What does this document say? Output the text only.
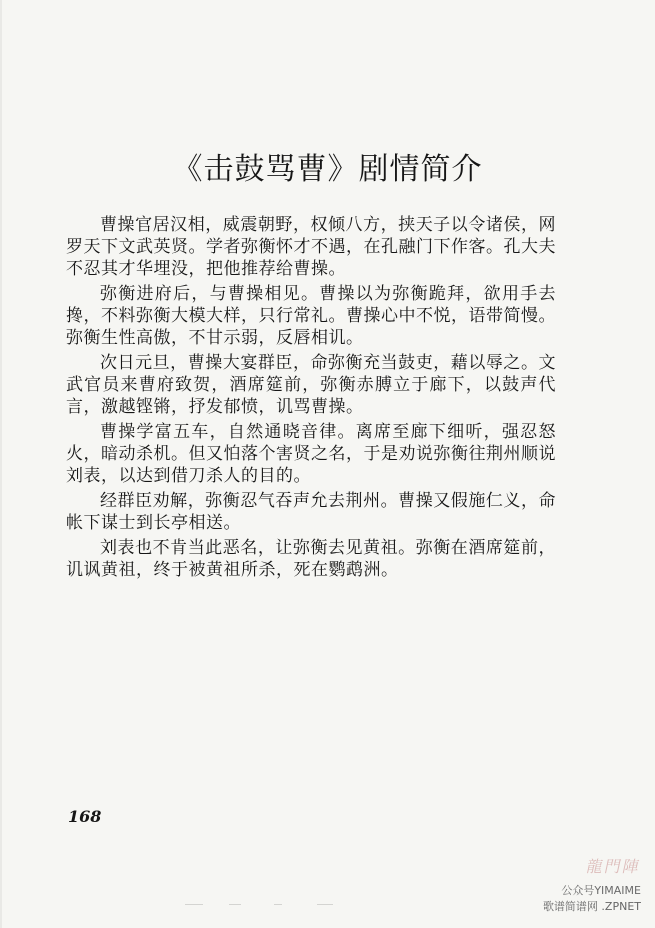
《击鼓骂曹》剧情简介

曹操官居汉相，威震朝野，权倾八方，挟天子以令诸侯，网罗天下文武英贤。学者弥衡怀才不遇，在孔融门下作客。孔大夫不忍其才华埋没，把他推荐给曹操。

弥衡进府后，与曹操相见。曹操以为弥衡跪拜，欲用手去搀，不料弥衡大模大样，只行常礼。曹操心中不悦，语带简慢。弥衡生性高傲，不甘示弱，反唇相讥。

次日元旦，曹操大宴群臣，命弥衡充当鼓吏，藉以辱之。文武官员来曹府致贺，酒席筵前，弥衡赤膊立于廊下，以鼓声代言，激越铿锵，抒发郁愤，讥骂曹操。

曹操学富五车，自然通晓音律。离席至廊下细听，强忍怒火，暗动杀机。但又怕落个害贤之名，于是劝说弥衡往荆州顺说刘表，以达到借刀杀人的目的。

经群臣劝解，弥衡忍气吞声允去荆州。曹操又假施仁义，命帐下谋士到长亭相送。

刘表也不肯当此恶名，让弥衡去见黄祖。弥衡在酒席筵前，讥讽黄祖，终于被黄祖所杀，死在鹦鹉洲。

168
龍門陣
公众号YIMAIME
歌谱简谱网 .ZPNET
